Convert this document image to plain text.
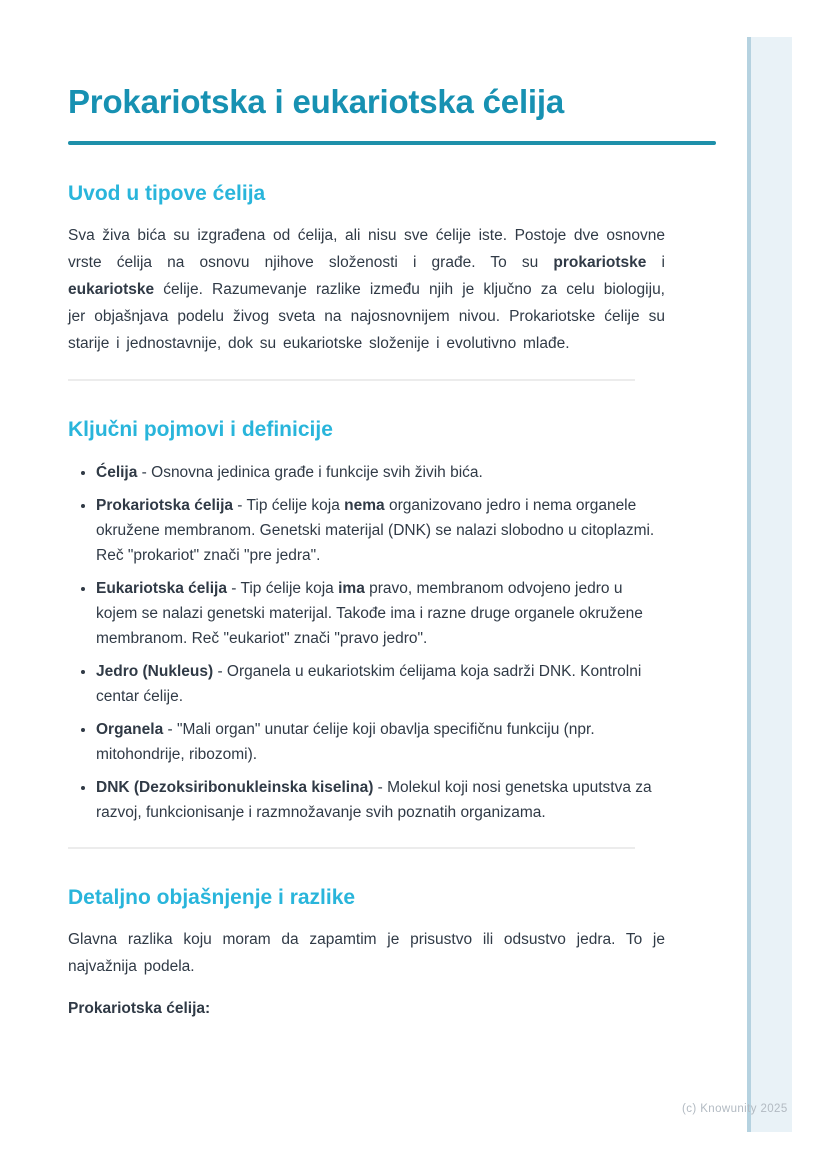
(c) Knowunity 2025
Prokariotska i eukariotska ćelija
Uvod u tipove ćelija

Sva živa bića su izgrađena od ćelija, ali nisu sve ćelije iste. Postoje dve osnovne vrste ćelija na osnovu njihove složenosti i građe. To su prokariotske i eukariotske ćelije. Razumevanje razlike između njih je ključno za celu biologiju, jer objašnjava podelu živog sveta na najosnovnijem nivou. Prokariotske ćelije su starije i jednostavnije, dok su eukariotske složenije i evolutivno mlađe.

Ključni pojmovi i definicije
• Ćelija - Osnovna jedinica građe i funkcije svih živih bića.
• Prokariotska ćelija - Tip ćelije koja nema organizovano jedro i nema organele okružene membranom. Genetski materijal (DNK) se nalazi slobodno u citoplazmi. Reč "prokariot" znači "pre jedra".
• Eukariotska ćelija - Tip ćelije koja ima pravo, membranom odvojeno jedro u kojem se nalazi genetski materijal. Takođe ima i razne druge organele okružene membranom. Reč "eukariot" znači "pravo jedro".
• Jedro (Nukleus) - Organela u eukariotskim ćelijama koja sadrži DNK. Kontrolni centar ćelije.
• Organela - "Mali organ" unutar ćelije koji obavlja specifičnu funkciju (npr. mitohondrije, ribozomi).
• DNK (Dezoksiribonukleinska kiselina) - Molekul koji nosi genetska uputstva za razvoj, funkcionisanje i razmnožavanje svih poznatih organizama.
Detaljno objašnjenje i razlike

Glavna razlika koju moram da zapamtim je prisustvo ili odsustvo jedra. To je najvažnija podela.

Prokariotska ćelija:
